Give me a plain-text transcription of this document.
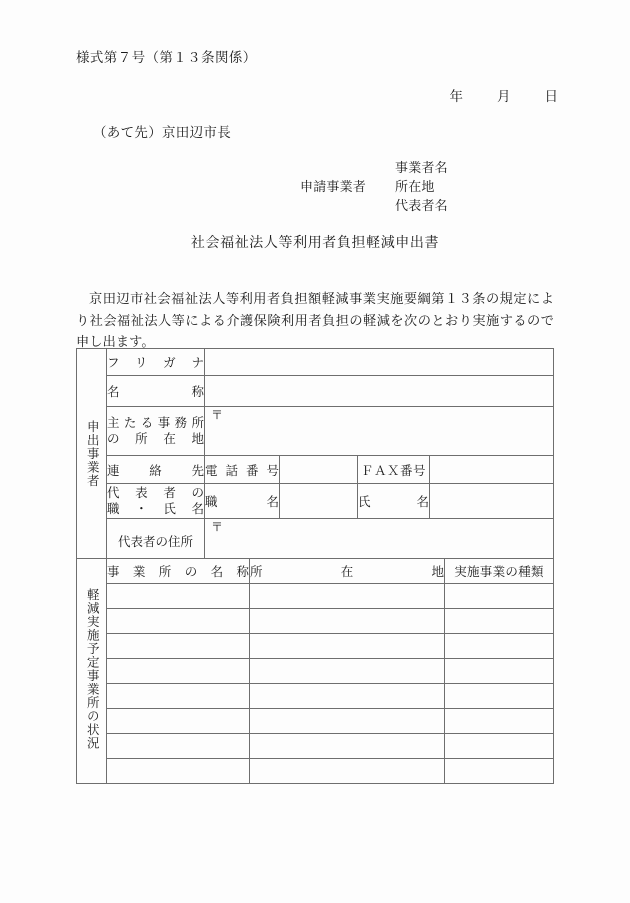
様式第７号（第１３条関係）
年	月	日
（あて先）京田辺市長
事業者名
申請事業者	所在地
代表者名
社会福祉法人等利用者負担軽減申出書
京田辺市社会福祉法人等利用者負担額軽減事業実施要綱第１３条の規定により社会福祉法人等による介護保険利用者負担の軽減を次のとおり実施するので申し出ます。
申出事業者	フリガナ				
	名称				

	主たる事務所
の所在地	〒			

	連絡先	電話番号		ＦＡＸ番号	

	代表者の
職・氏名	職名		氏名	
	代表者の住所	〒			
軽減実施予定事業所の状況	事業所の名称	所在地	実施事業の種類
